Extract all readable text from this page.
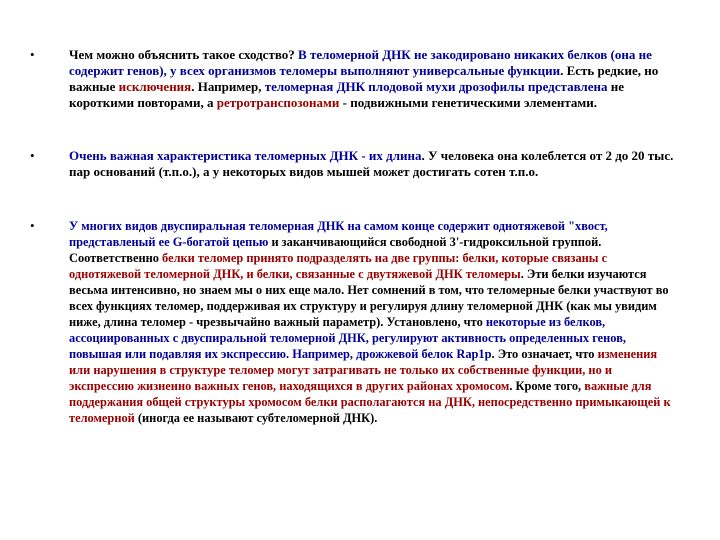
•	Чем можно объяснить такое сходство? В теломерной ДНК не закодировано никаких белков (она не содержит генов), у всех организмов теломеры выполняют универсальные функции. Есть редкие, но важные исключения. Например, теломерная ДНК плодовой мухи дрозофилы представлена не короткими повторами, а ретротранспозонами - подвижными генетическими элементами.
•	Очень важная характеристика теломерных ДНК - их длина. У человека она колеблется от 2 до 20 тыс. пар оснований (т.п.о.), а у некоторых видов мышей может достигать сотен т.п.о.
•	У многих видов двуспиральная теломерная ДНК на самом конце содержит однотяжевой "хвост, представленый ее G-богатой цепью и заканчивающийся свободной 3'-гидроксильной группой. Соответственно белки теломер принято подразделять на две группы: белки, которые связаны с однотяжевой теломерной ДНК, и белки, связанные с двутяжевой ДНК теломеры. Эти белки изучаются весьма интенсивно, но знаем мы о них еще мало. Нет сомнений в том, что теломерные белки участвуют во всех функциях теломер, поддерживая их структуру и регулируя длину теломерной ДНК (как мы увидим ниже, длина теломер - чрезвычайно важный параметр). Установлено, что некоторые из белков, ассоциированных с двуспиральной теломерной ДНК, регулируют активность определенных генов, повышая или подавляя их экспрессию. Например, дрожжевой белок Rap1p. Это означает, что изменения или нарушения в структуре теломер могут затрагивать не только их собственные функции, но и экспрессию жизненно важных генов, находящихся в других районах хромосом. Кроме того, важные для поддержания общей структуры хромосом белки располагаются на ДНК, непосредственно примыкающей к теломерной (иногда ее называют субтеломерной ДНК).
